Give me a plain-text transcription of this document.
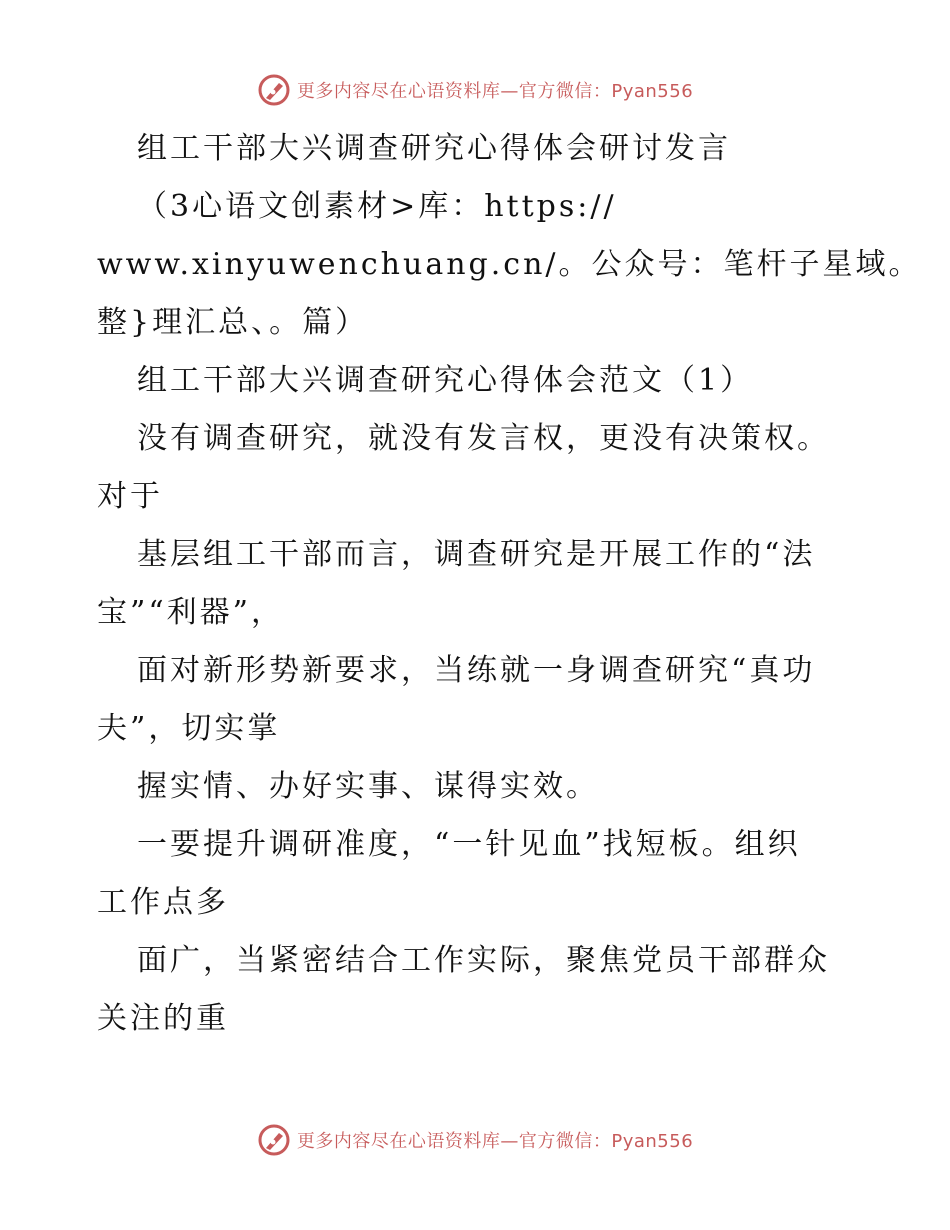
更多内容尽在心语资料库—官方微信：Pyan556
组工干部大兴调查研究心得体会研讨发言
（3心语文创素材>库：https://
www.xinyuwenchuang.cn/。公众号：笔杆子星域。
整}理汇总、。篇）
组工干部大兴调查研究心得体会范文（1）
没有调查研究，就没有发言权，更没有决策权。
对于
基层组工干部而言，调查研究是开展工作的“法
宝”“利器”，
面对新形势新要求，当练就一身调查研究“真功
夫”，切实掌
握实情、办好实事、谋得实效。
一要提升调研准度，“一针见血”找短板。组织
工作点多
面广，当紧密结合工作实际，聚焦党员干部群众
关注的重
更多内容尽在心语资料库—官方微信：Pyan556
